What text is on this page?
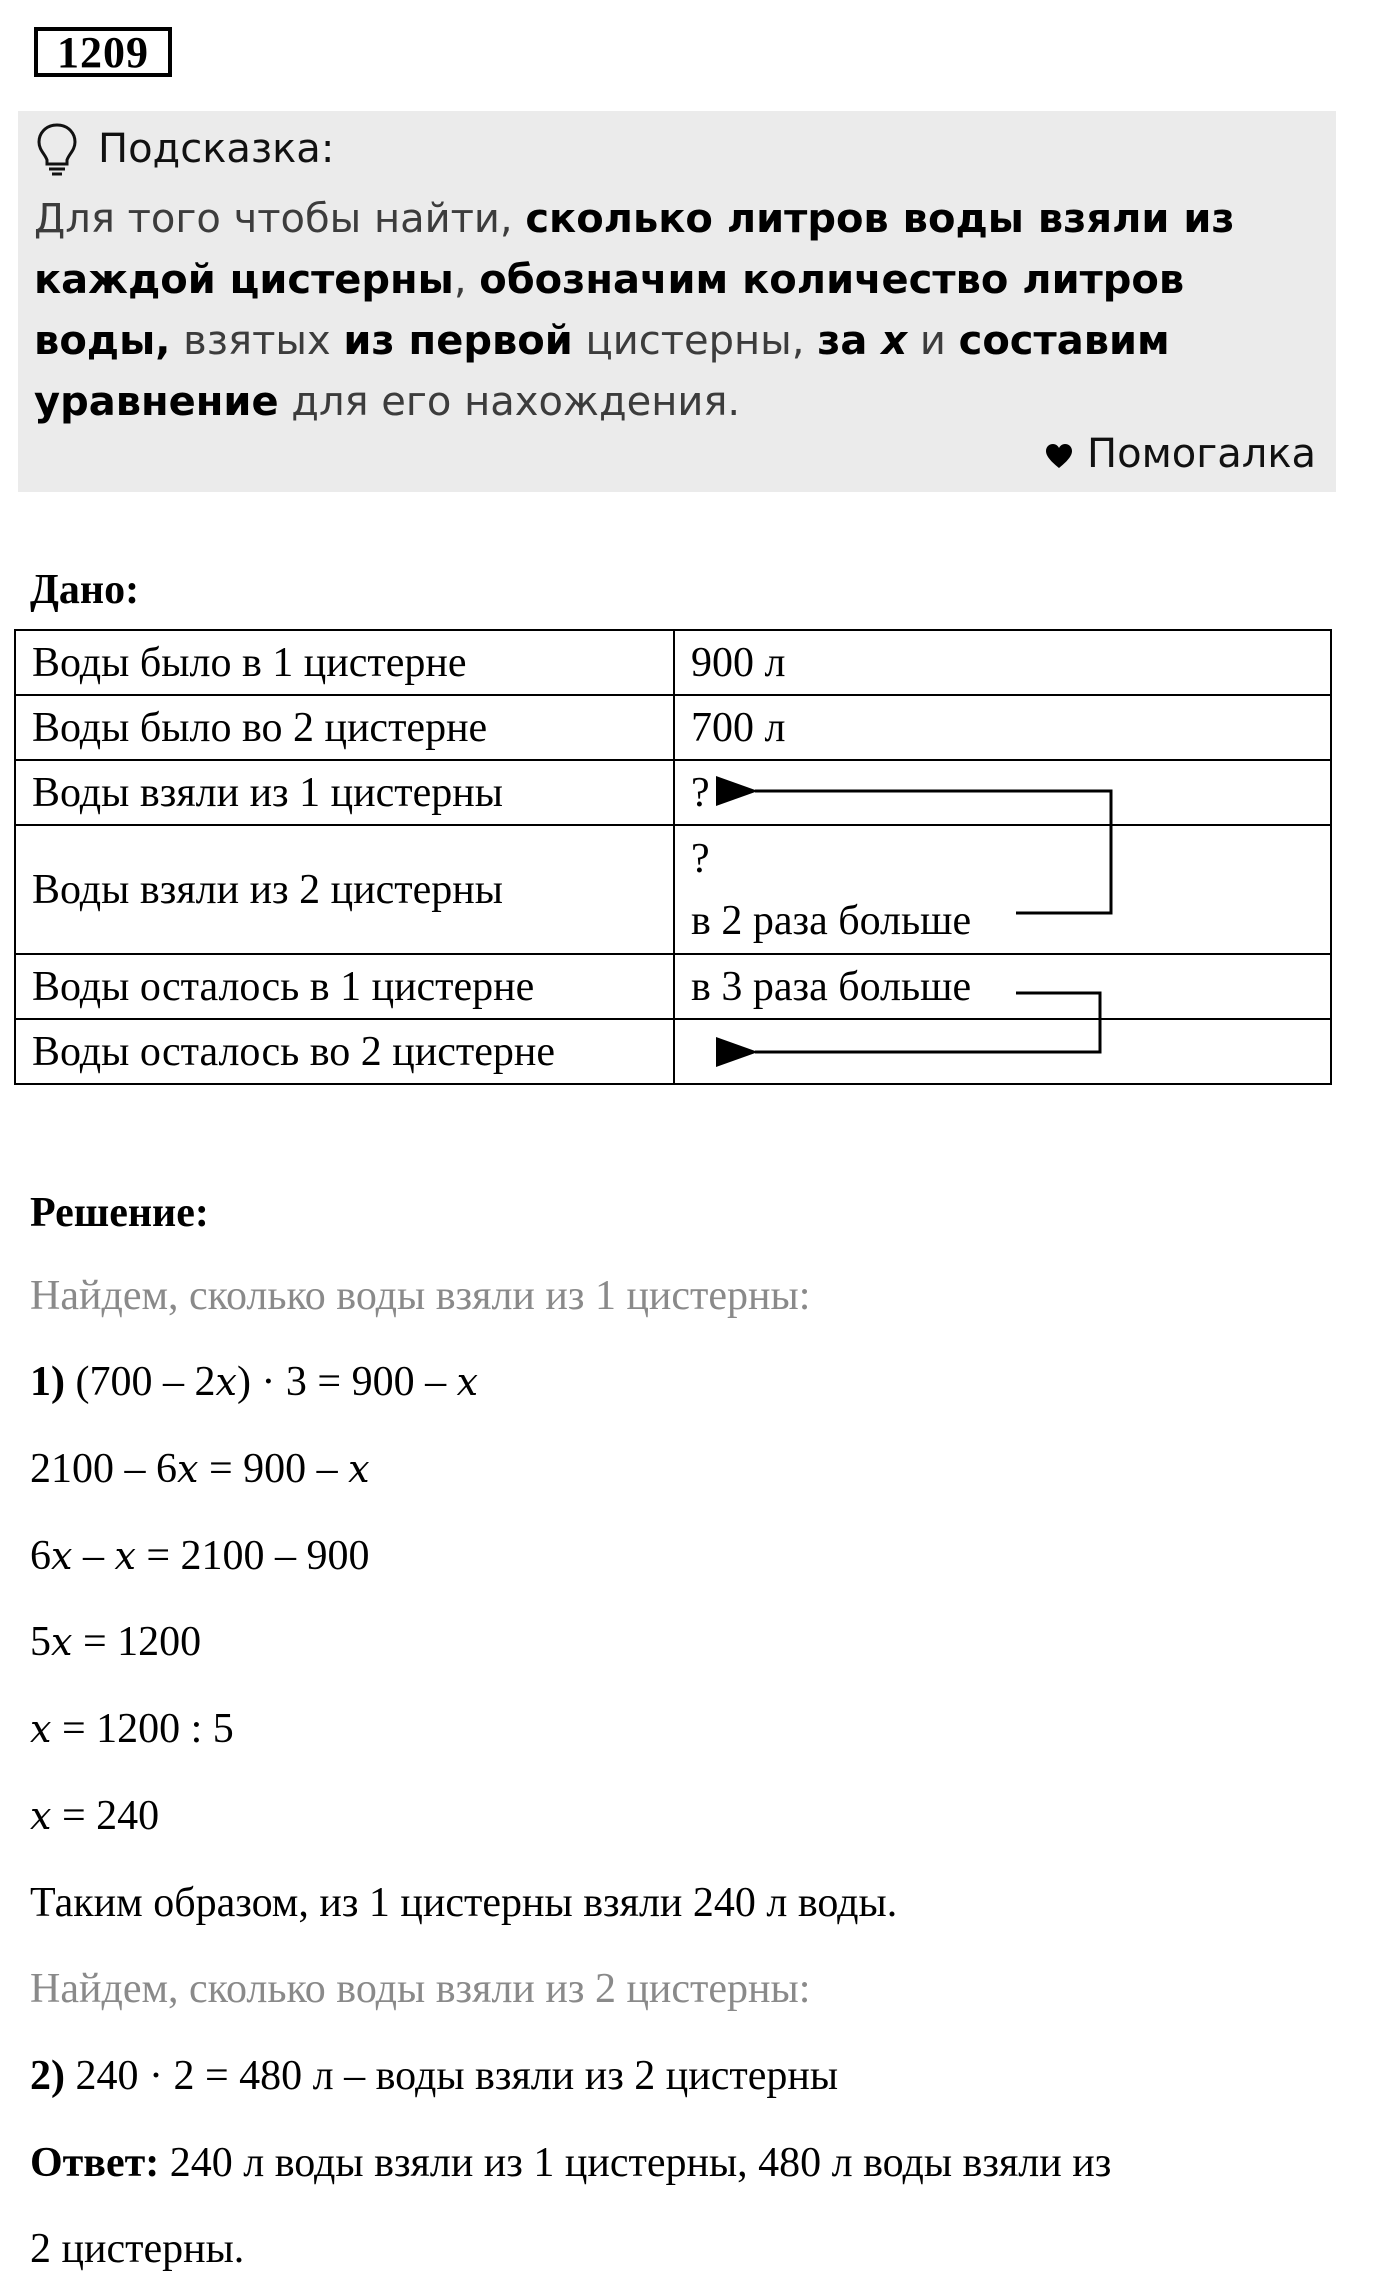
1209
Подсказка:
Для того чтобы найти, сколько литров воды взяли из каждой цистерны, обозначим количество литров воды, взятых из первой цистерны, за x и составим уравнение для его нахождения.
Помогалка
Дано:
Воды было в 1 цистерне	900 л
Воды было во 2 цистерне	700 л
Воды взяли из 1 цистерны	?
Воды взяли из 2 цистерны	?
в 2 раза больше

Воды осталось в 1 цистерне	в 3 раза больше
Воды осталось во 2 цистерне	
Решение:
Найдем, сколько воды взяли из 1 цистерны:
1) (700 – 2x) · 3 = 900 – x
2100 – 6x = 900 – x
6x – x = 2100 – 900
5x = 1200
x = 1200 : 5
x = 240
Таким образом, из 1 цистерны взяли 240 л воды.
Найдем, сколько воды взяли из 2 цистерны:
2) 240 · 2 = 480 л – воды взяли из 2 цистерны
Ответ: 240 л воды взяли из 1 цистерны, 480 л воды взяли из
2 цистерны.
